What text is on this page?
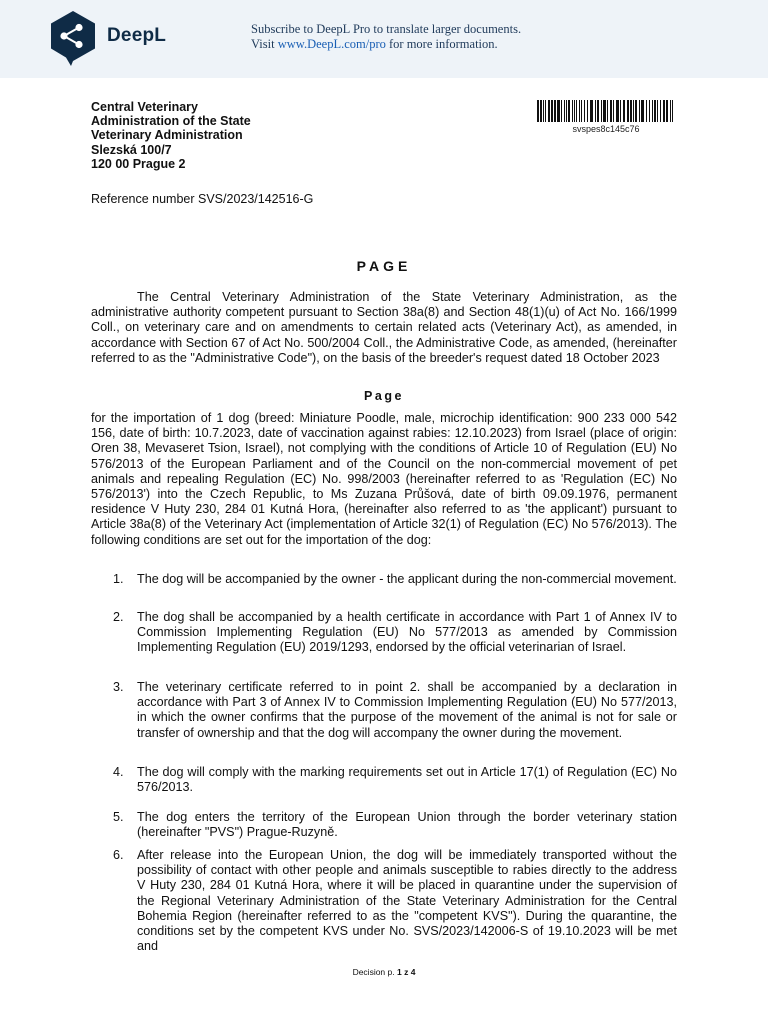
DeepL	Subscribe to DeepL Pro to translate larger documents.
Visit www.DeepL.com/pro for more information.
Central Veterinary
Administration of the State
Veterinary Administration
Slezská 100/7
120 00 Prague 2
svspes8c145c76
Reference number SVS/2023/142516-G
PAGE
The Central Veterinary Administration of the State Veterinary Administration, as the administrative authority competent pursuant to Section 38a(8) and Section 48(1)(u) of Act No. 166/1999 Coll., on veterinary care and on amendments to certain related acts (Veterinary Act), as amended, in accordance with Section 67 of Act No. 500/2004 Coll., the Administrative Code, as amended, (hereinafter referred to as the "Administrative Code"), on the basis of the breeder's request dated 18 October 2023
Page
for the importation of 1 dog (breed: Miniature Poodle, male, microchip identification: 900 233 000 542 156, date of birth: 10.7.2023, date of vaccination against rabies: 12.10.2023) from Israel (place of origin: Oren 38, Mevaseret Tsion, Israel), not complying with the conditions of Article 10 of Regulation (EU) No 576/2013 of the European Parliament and of the Council on the non-commercial movement of pet animals and repealing Regulation (EC) No. 998/2003 (hereinafter referred to as 'Regulation (EC) No 576/2013') into the Czech Republic, to Ms Zuzana Průšová, date of birth 09.09.1976, permanent residence V Huty 230, 284 01 Kutná Hora, (hereinafter also referred to as 'the applicant') pursuant to Article 38a(8) of the Veterinary Act (implementation of Article 32(1) of Regulation (EC) No 576/2013). The following conditions are set out for the importation of the dog:
1.	The dog will be accompanied by the owner - the applicant during the non-commercial movement.
2.	The dog shall be accompanied by a health certificate in accordance with Part 1 of Annex IV to Commission Implementing Regulation (EU) No 577/2013 as amended by Commission Implementing Regulation (EU) 2019/1293, endorsed by the official veterinarian of Israel.
3.	The veterinary certificate referred to in point 2. shall be accompanied by a declaration in accordance with Part 3 of Annex IV to Commission Implementing Regulation (EU) No 577/2013, in which the owner confirms that the purpose of the movement of the animal is not for sale or transfer of ownership and that the dog will accompany the owner during the movement.
4.	The dog will comply with the marking requirements set out in Article 17(1) of Regulation (EC) No 576/2013.
5.	The dog enters the territory of the European Union through the border veterinary station (hereinafter "PVS") Prague-Ruzyně.
6.	After release into the European Union, the dog will be immediately transported without the possibility of contact with other people and animals susceptible to rabies directly to the address V Huty 230, 284 01 Kutná Hora, where it will be placed in quarantine under the supervision of the Regional Veterinary Administration of the State Veterinary Administration for the Central Bohemia Region (hereinafter referred to as the "competent KVS"). During the quarantine, the conditions set by the competent KVS under No. SVS/2023/142006-S of 19.10.2023 will be met and
Decision p. 1 z 4
